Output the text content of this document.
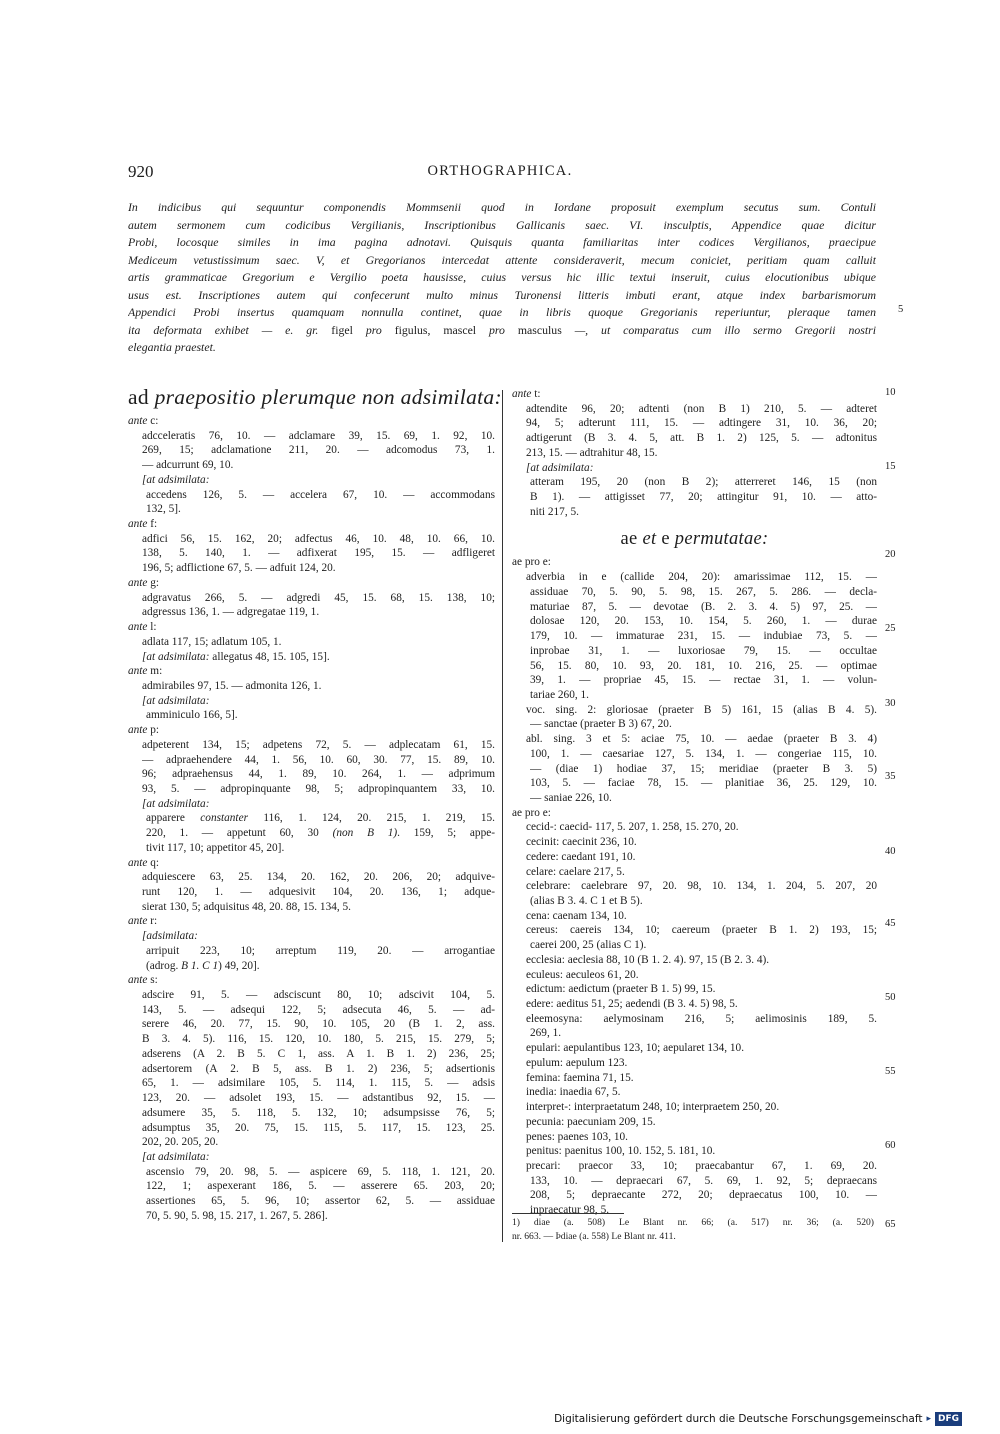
920	ORTHOGRAPHICA.
In indicibus qui sequuntur componendis Mommsenii quod in Iordane proposuit exemplum secutus sum. Contuli
autem sermonem cum codicibus Vergilianis, Inscriptionibus Gallicanis saec. VI. insculptis, Appendice quae dicitur
Probi, locosque similes in ima pagina adnotavi. Quisquis quanta familiaritas inter codices Vergilianos, praecipue
Mediceum vetustissimum saec. V, et Gregorianos intercedat attente consideraverit, mecum coniciet, peritiam quam calluit
artis grammaticae Gregorium e Vergilio poeta hausisse, cuius versus hic illic textui inseruit, cuius elocutionibus ubique
usus est. Inscriptiones autem qui confecerunt multo minus Turonensi litteris imbuti erant, atque index barbarismorum
Appendici Probi insertus quamquam nonnulla continet, quae in libris quoque Gregorianis reperiuntur, pleraque tamen
ita deformata exhibet — e. gr. figel pro figulus, mascel pro masculus —, ut comparatus cum illo sermo Gregorii nostri
elegantia praestet.
5
10
15
20
25
30
35
40
45
50
55
60
65
ad praepositio plerumque non adsimilata:
ante c:
adcceleratis 76, 10. — adclamare 39, 15. 69, 1. 92, 10.
269, 15; adclamatione 211, 20. — adcomodus 73, 1.
— adcurrunt 69, 10.
[at adsimilata:
accedens 126, 5. — accelera 67, 10. — accommodans
132, 5].
ante f:
adfici 56, 15. 162, 20; adfectus 46, 10. 48, 10. 66, 10.
138, 5. 140, 1. — adfixerat 195, 15. — adfligeret
196, 5; adflictione 67, 5. — adfuit 124, 20.
ante g:
adgravatus 266, 5. — adgredi 45, 15. 68, 15. 138, 10;
adgressus 136, 1. — adgregatae 119, 1.
ante l:
adlata 117, 15; adlatum 105, 1.
[at adsimilata: allegatus 48, 15. 105, 15].
ante m:
admirabiles 97, 15. — admonita 126, 1.
[at adsimilata:
amminiculo 166, 5].
ante p:
adpeterent 134, 15; adpetens 72, 5. — adplecatam 61, 15.
— adpraehendere 44, 1. 56, 10. 60, 30. 77, 15. 89, 10.
96; adpraehensus 44, 1. 89, 10. 264, 1. — adprimum
93, 5. — adpropinquante 98, 5; adpropinquantem 33, 10.
[at adsimilata:
apparere constanter 116, 1. 124, 20. 215, 1. 219, 15.
220, 1. — appetunt 60, 30 (non B 1). 159, 5; appe-
tivit 117, 10; appetitor 45, 20].
ante q:
adquiescere 63, 25. 134, 20. 162, 20. 206, 20; adquive-
runt 120, 1. — adquesivit 104, 20. 136, 1; adque-
sierat 130, 5; adquisitus 48, 20. 88, 15. 134, 5.
ante r:
[adsimilata:
arripuit 223, 10; arreptum 119, 20. — arrogantiae
(adrog. B 1. C 1) 49, 20].
ante s:
adscire 91, 5. — adsciscunt 80, 10; adscivit 104, 5.
143, 5. — adsequi 122, 5; adsecuta 46, 5. — ad-
serere 46, 20. 77, 15. 90, 10. 105, 20 (B 1. 2, ass.
B 3. 4. 5). 116, 15. 120, 10. 180, 5. 215, 15. 279, 5;
adserens (A 2. B 5. C 1, ass. A 1. B 1. 2) 236, 25;
adsertorem (A 2. B 5, ass. B 1. 2) 236, 5; adsertionis
65, 1. — adsimilare 105, 5. 114, 1. 115, 5. — adsis
123, 20. — adsolet 193, 15. — adstantibus 92, 15. —
adsumere 35, 5. 118, 5. 132, 10; adsumpsisse 76, 5;
adsumptus 35, 20. 75, 15. 115, 5. 117, 15. 123, 25.
202, 20. 205, 20.
[at adsimilata:
ascensio 79, 20. 98, 5. — aspicere 69, 5. 118, 1. 121, 20.
122, 1; aspexerant 186, 5. — asserere 65. 203, 20;
assertiones 65, 5. 96, 10; assertor 62, 5. — assiduae
70, 5. 90, 5. 98, 15. 217, 1. 267, 5. 286].
ante t:
adtendite 96, 20; adtenti (non B 1) 210, 5. — adteret
94, 5; adterunt 111, 15. — adtingere 31, 10. 36, 20;
adtigerunt (B 3. 4. 5, att. B 1. 2) 125, 5. — adtonitus
213, 15. — adtrahitur 48, 15.
[at adsimilata:
atteram 195, 20 (non B 2); atterreret 146, 15 (non
B 1). — attigisset 77, 20; attingitur 91, 10. — atto-
niti 217, 5.
ae et e permutatae:
ae pro e:
adverbia in e (callide 204, 20): amarissimae 112, 15. —
assiduae 70, 5. 90, 5. 98, 15. 267, 5. 286. — decla-
maturiae 87, 5. — devotae (B. 2. 3. 4. 5) 97, 25. —
dolosae 120, 20. 153, 10. 154, 5. 260, 1. — durae
179, 10. — immaturae 231, 15. — indubiae 73, 5. —
inprobae 31, 1. — luxoriosae 79, 15. — occultae
56, 15. 80, 10. 93, 20. 181, 10. 216, 25. — optimae
39, 1. — propriae 45, 15. — rectae 31, 1. — volun-
tariae 260, 1.
voc. sing. 2: gloriosae (praeter B 5) 161, 15 (alias B 4. 5).
— sanctae (praeter B 3) 67, 20.
abl. sing. 3 et 5: aciae 75, 10. — aedae (praeter B 3. 4)
100, 1. — caesariae 127, 5. 134, 1. — congeriae 115, 10.
— (diae 1) hodiae 37, 15; meridiae (praeter B 3. 5)
103, 5. — faciae 78, 15. — planitiae 36, 25. 129, 10.
— saniae 226, 10.
ae pro e:
cecid-: caecid- 117, 5. 207, 1. 258, 15. 270, 20.
cecinit: caecinit 236, 10.
cedere: caedant 191, 10.
celare: caelare 217, 5.
celebrare: caelebrare 97, 20. 98, 10. 134, 1. 204, 5. 207, 20
(alias B 3. 4. C 1 et B 5).
cena: caenam 134, 10.
cereus: caereis 134, 10; caereum (praeter B 1. 2) 193, 15;
caerei 200, 25 (alias C 1).
ecclesia: aeclesia 88, 10 (B 1. 2. 4). 97, 15 (B 2. 3. 4).
eculeus: aeculeos 61, 20.
edictum: aedictum (praeter B 1. 5) 99, 15.
edere: aeditus 51, 25; aedendi (B 3. 4. 5) 98, 5.
eleemosyna: aelymosinam 216, 5; aelimosinis 189, 5.
269, 1.
epulari: aepulantibus 123, 10; aepularet 134, 10.
epulum: aepulum 123.
femina: faemina 71, 15.
inedia: inaedia 67, 5.
interpret-: interpraetatum 248, 10; interpraetem 250, 20.
pecunia: paecuniam 209, 15.
penes: paenes 103, 10.
penitus: paenitus 100, 10. 152, 5. 181, 10.
precari: praecor 33, 10; praecabantur 67, 1. 69, 20.
133, 10. — depraecari 67, 5. 69, 1. 92, 5; depraecans
208, 5; depraecante 272, 20; depraecatus 100, 10. —
inpraecatur 98, 5.
1) diae (a. 508) Le Blant nr. 66; (a. 517) nr. 36; (a. 520)
nr. 663. — Þdiae (a. 558) Le Blant nr. 411.
Digitalisierung gefördert durch die Deutsche Forschungsgemeinschaft ▸ DFG
